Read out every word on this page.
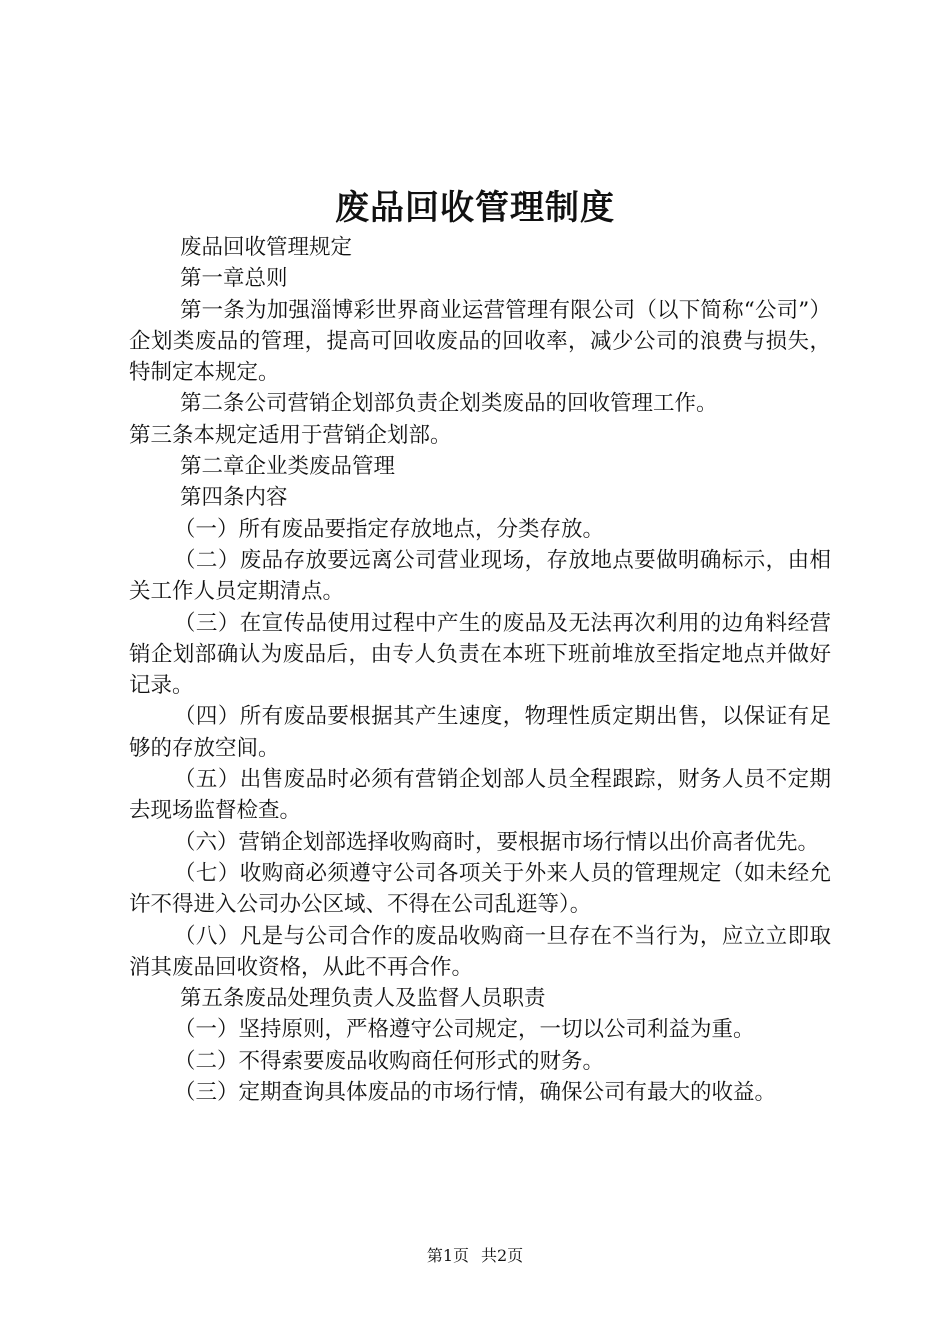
废品回收管理制度

废品回收管理规定

第一章总则

第一条为加强淄博彩世界商业运营管理有限公司（以下简称“公司”）企划类废品的管理，提高可回收废品的回收率，减少公司的浪费与损失，特制定本规定。

第二条公司营销企划部负责企划类废品的回收管理工作。

第三条本规定适用于营销企划部。

第二章企业类废品管理

第四条内容

（一）所有废品要指定存放地点，分类存放。

（二）废品存放要远离公司营业现场，存放地点要做明确标示，由相关工作人员定期清点。

（三）在宣传品使用过程中产生的废品及无法再次利用的边角料经营销企划部确认为废品后，由专人负责在本班下班前堆放至指定地点并做好记录。

（四）所有废品要根据其产生速度，物理性质定期出售，以保证有足够的存放空间。

（五）出售废品时必须有营销企划部人员全程跟踪，财务人员不定期去现场监督检查。

（六）营销企划部选择收购商时，要根据市场行情以出价高者优先。

（七）收购商必须遵守公司各项关于外来人员的管理规定（如未经允许不得进入公司办公区域、不得在公司乱逛等）。

（八）凡是与公司合作的废品收购商一旦存在不当行为，应立立即取消其废品回收资格，从此不再合作。

第五条废品处理负责人及监督人员职责

（一）坚持原则，严格遵守公司规定，一切以公司利益为重。

（二）不得索要废品收购商任何形式的财务。

（三）定期查询具体废品的市场行情，确保公司有最大的收益。

第1页 共2页
